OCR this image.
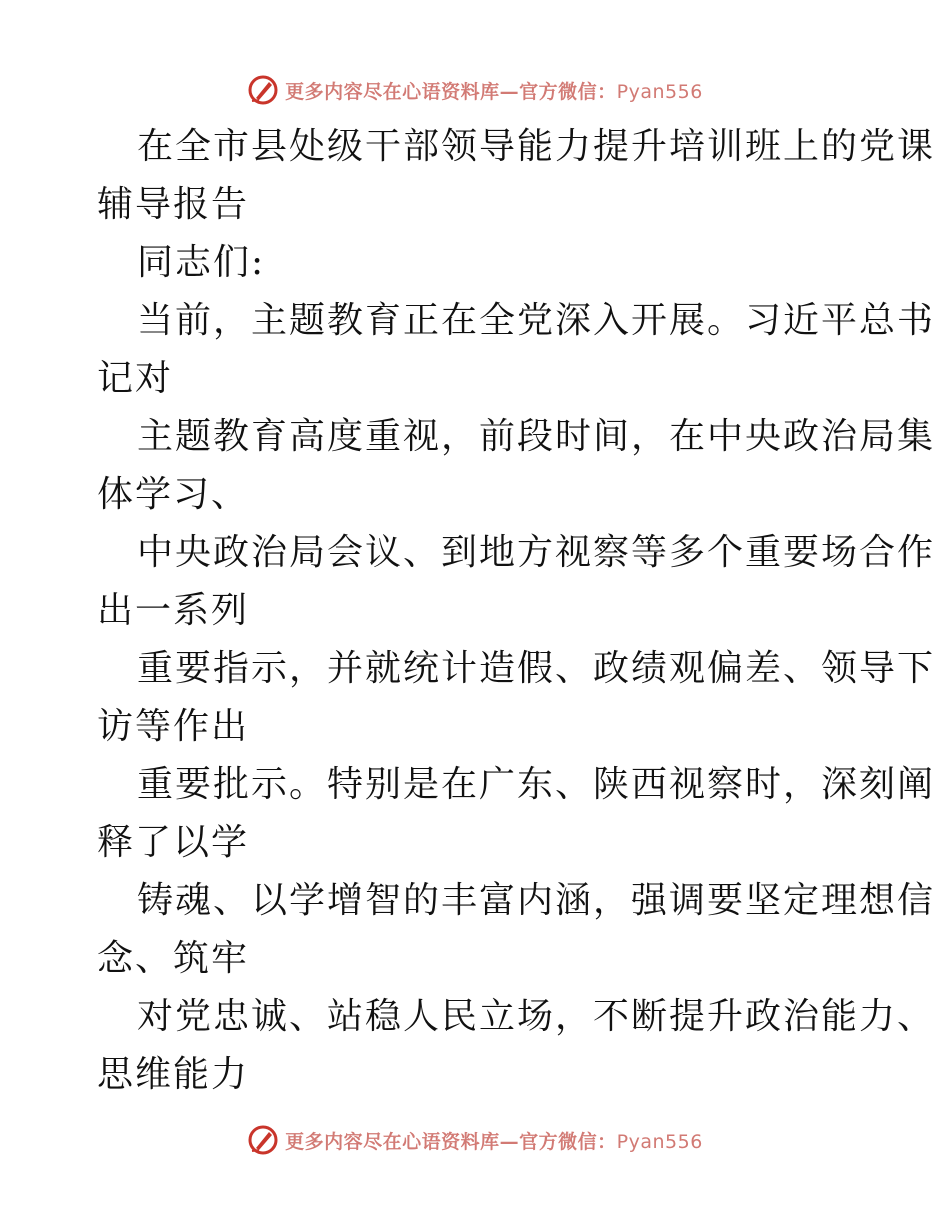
更多内容尽在心语资料库—官方微信：Pyan556
在全市县处级干部领导能力提升培训班上的党课
辅导报告
同志们:
当前，主题教育正在全党深入开展。习近平总书
记对
主题教育高度重视，前段时间，在中央政治局集
体学习、
中央政治局会议、到地方视察等多个重要场合作
出一系列
重要指示，并就统计造假、政绩观偏差、领导下
访等作出
重要批示。特别是在广东、陕西视察时，深刻阐
释了以学
铸魂、以学增智的丰富内涵，强调要坚定理想信
念、筑牢
对党忠诚、站稳人民立场，不断提升政治能力、
思维能力
更多内容尽在心语资料库—官方微信：Pyan556
